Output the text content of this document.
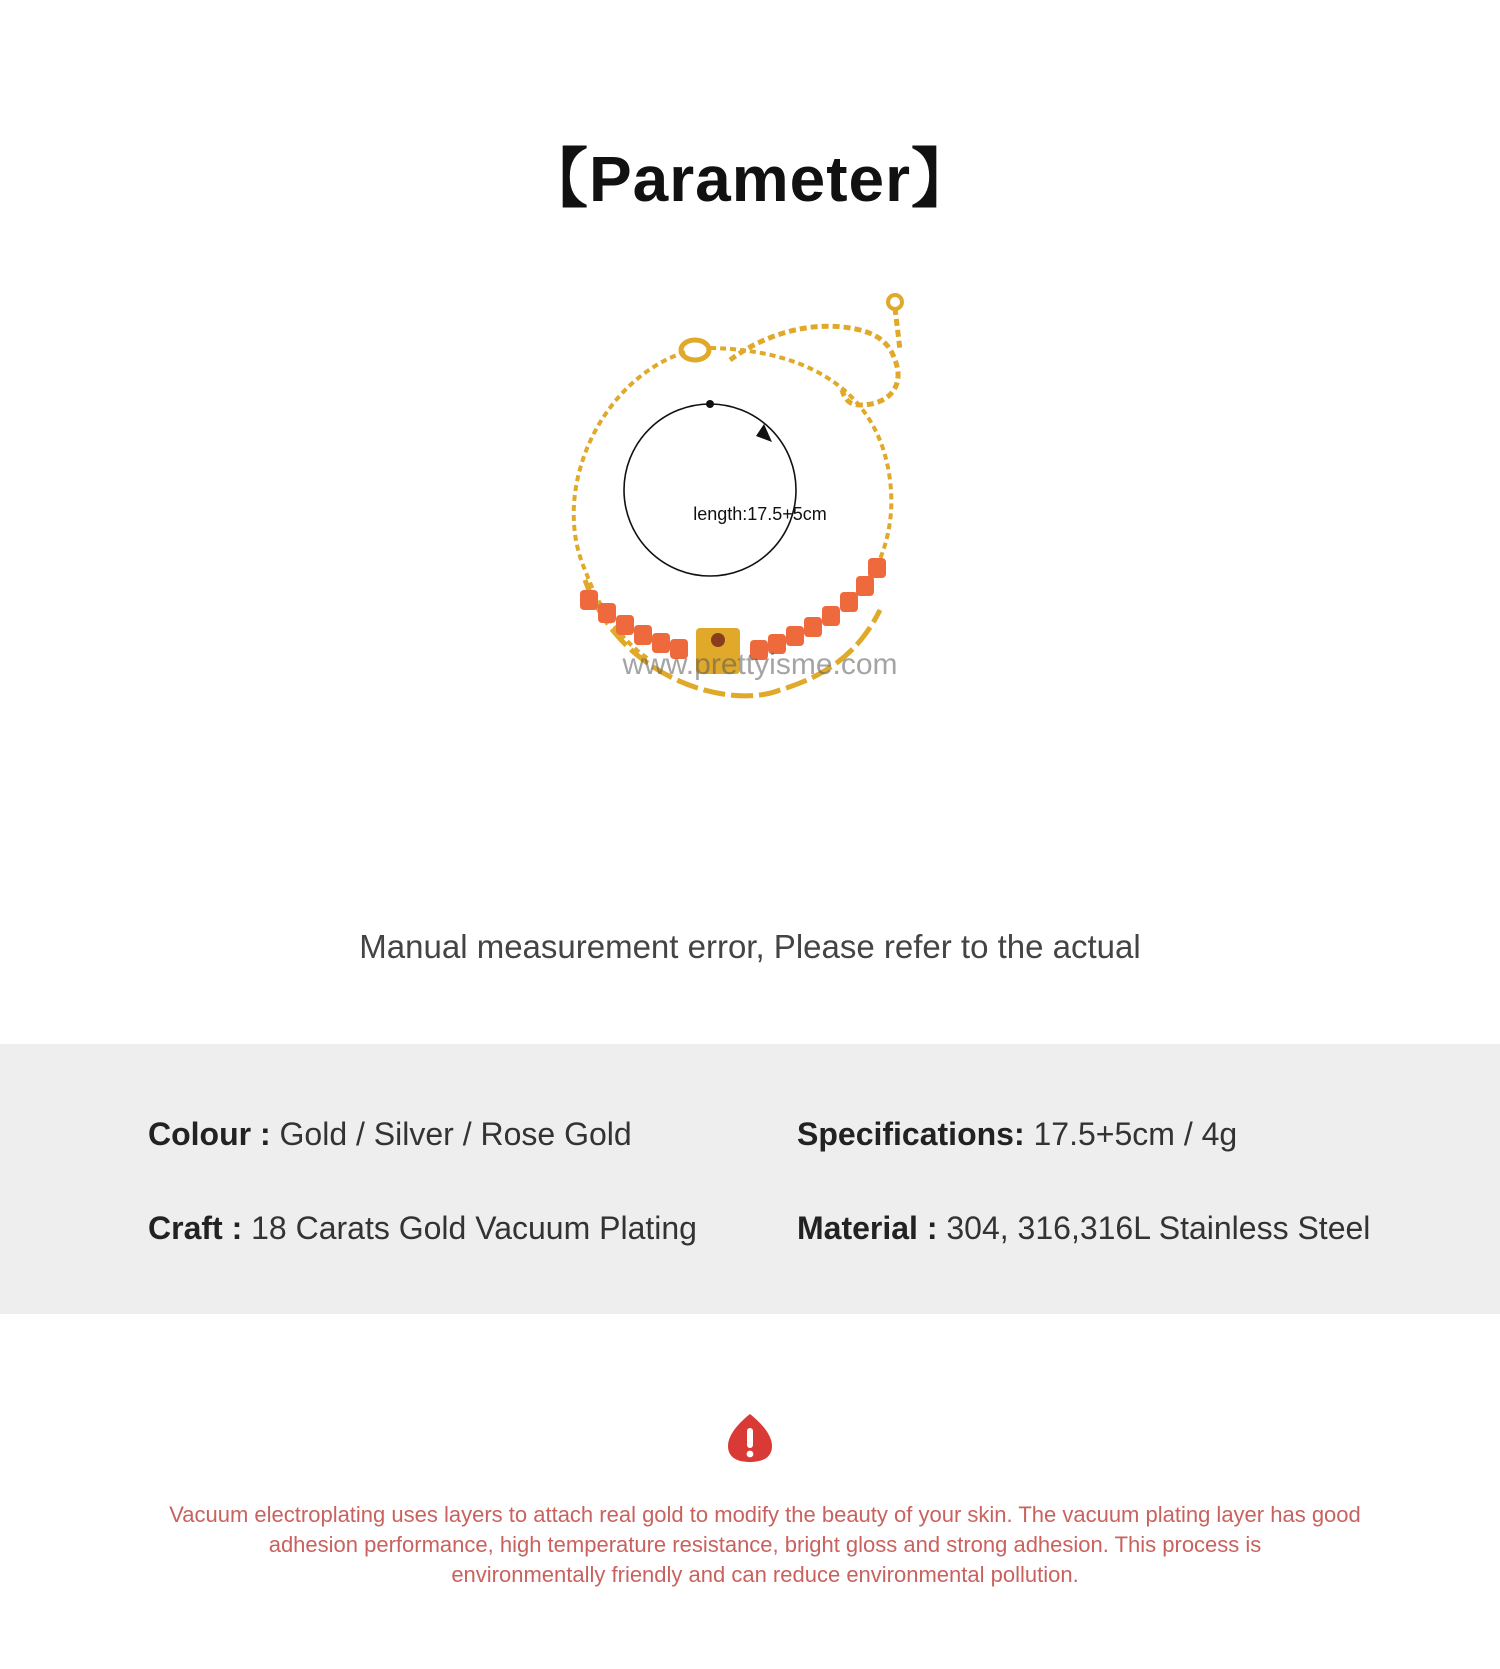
【Parameter】
length:17.5+5cm
www.prettyisme.com
Manual measurement error, Please refer to the actual
Colour : Gold / Silver / Rose Gold	Specifications: 17.5+5cm / 4g
Craft : 18 Carats Gold Vacuum Plating	Material : 304, 316,316L Stainless Steel
Vacuum electroplating uses layers to attach real gold to modify the beauty of your skin. The vacuum plating layer has good
adhesion performance, high temperature resistance, bright gloss and strong adhesion. This process is
environmentally friendly and can reduce environmental pollution.
